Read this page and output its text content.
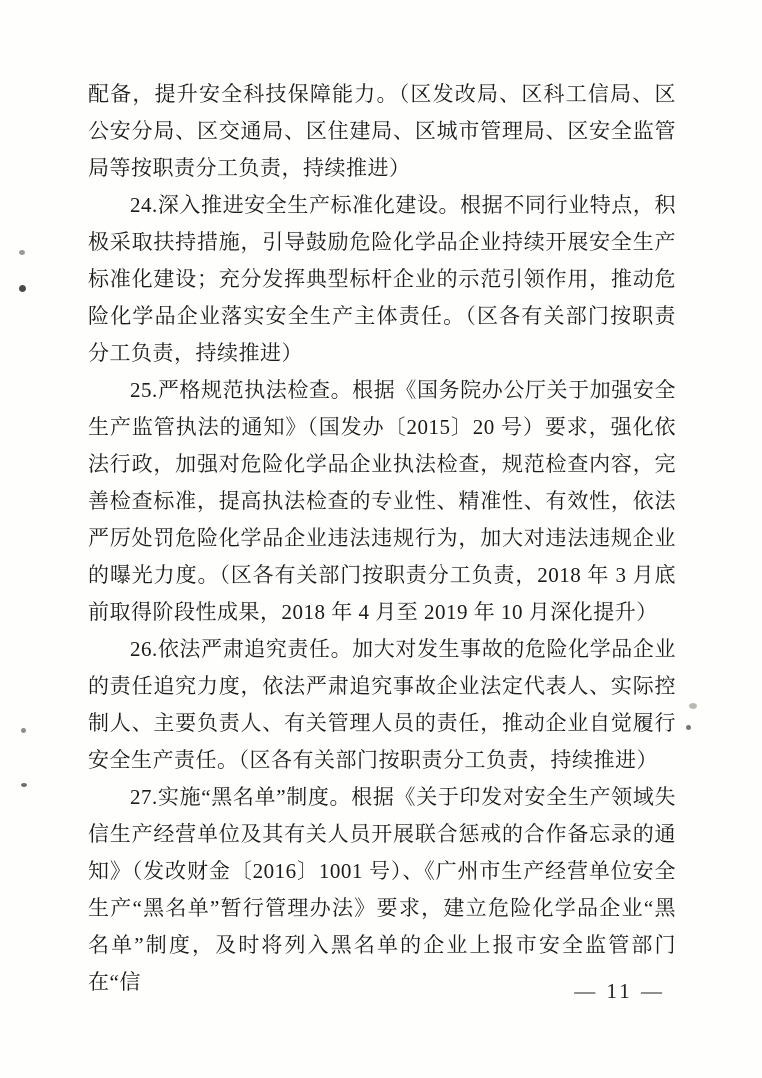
配备，提升安全科技保障能力。（区发改局、区科工信局、区公安分局、区交通局、区住建局、区城市管理局、区安全监管局等按职责分工负责，持续推进）

24.深入推进安全生产标准化建设。根据不同行业特点，积极采取扶持措施，引导鼓励危险化学品企业持续开展安全生产标准化建设；充分发挥典型标杆企业的示范引领作用，推动危险化学品企业落实安全生产主体责任。（区各有关部门按职责分工负责，持续推进）

25.严格规范执法检查。根据《国务院办公厅关于加强安全生产监管执法的通知》（国发办〔2015〕20 号）要求，强化依法行政，加强对危险化学品企业执法检查，规范检查内容，完善检查标准，提高执法检查的专业性、精准性、有效性，依法严厉处罚危险化学品企业违法违规行为，加大对违法违规企业的曝光力度。（区各有关部门按职责分工负责，2018 年 3 月底前取得阶段性成果，2018 年 4 月至 2019 年 10 月深化提升）

26.依法严肃追究责任。加大对发生事故的危险化学品企业的责任追究力度，依法严肃追究事故企业法定代表人、实际控制人、主要负责人、有关管理人员的责任，推动企业自觉履行安全生产责任。（区各有关部门按职责分工负责，持续推进）

27.实施“黑名单”制度。根据《关于印发对安全生产领域失信生产经营单位及其有关人员开展联合惩戒的合作备忘录的通知》（发改财金〔2016〕1001 号）、《广州市生产经营单位安全生产“黑名单”暂行管理办法》要求，建立危险化学品企业“黑名单”制度，及时将列入黑名单的企业上报市安全监管部门在“信	— 11 —
